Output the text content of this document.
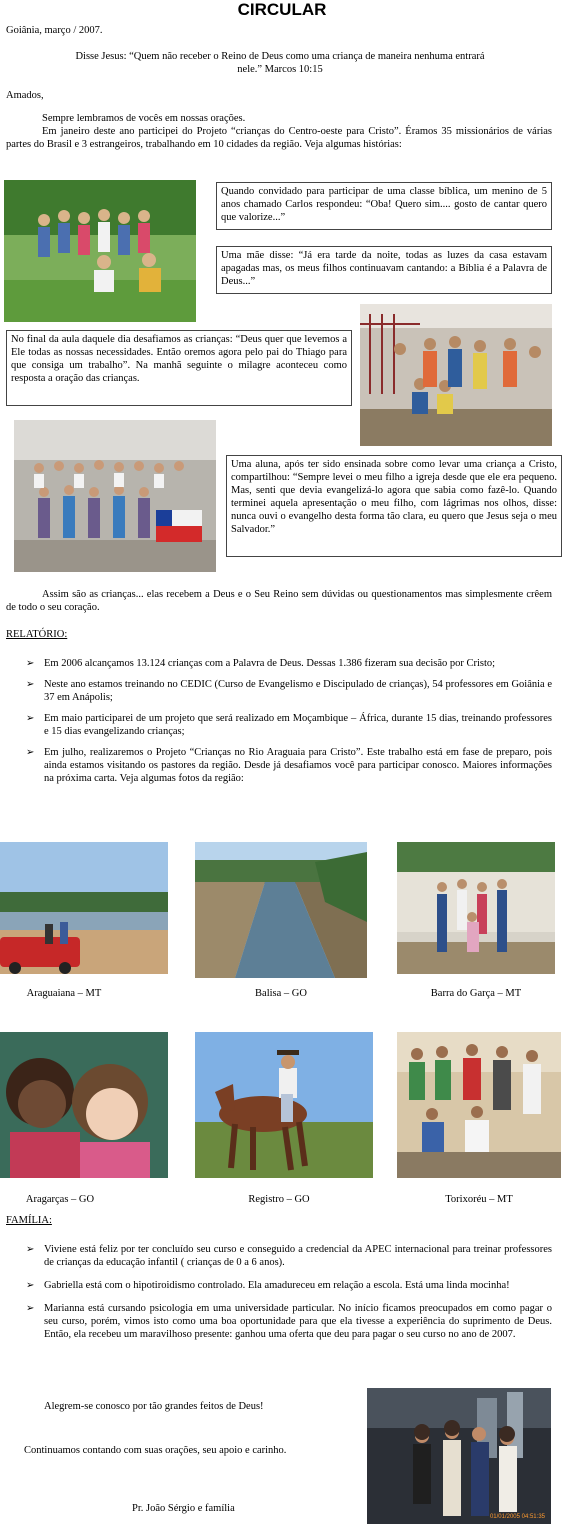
CIRCULAR
Goiânia, março / 2007.
Disse Jesus: “Quem não receber o Reino de Deus como uma criança de maneira nenhuma entrará nele.” Marcos 10:15
Amados,
Sempre lembramos de vocês em nossas orações.
Em janeiro deste ano participei do Projeto “crianças do Centro-oeste para Cristo”. Éramos 35 missionários de várias partes do Brasil e 3 estrangeiros, trabalhando em 10 cidades da região. Veja algumas histórias:
Quando convidado para participar de uma classe bíblica, um menino de 5 anos chamado Carlos respondeu: “Oba! Quero sim.... gosto de cantar quero que valorize...”
Uma mãe disse: “Já era tarde da noite, todas as luzes da casa estavam apagadas mas, os meus filhos continuavam cantando: a Bíblia é a Palavra de Deus...”
No final da aula daquele dia desafiamos as crianças: “Deus quer que levemos a Ele todas as nossas necessidades. Então oremos agora pelo pai do Thiago para que consiga um trabalho”. Na manhã seguinte o milagre aconteceu como resposta a oração das crianças.
Uma aluna, após ter sido ensinada sobre como levar uma criança a Cristo, compartilhou: “Sempre levei o meu filho a igreja desde que ele era pequeno. Mas, senti que devia evangelizá-lo agora que sabia como fazê-lo. Quando terminei aquela apresentação o meu filho, com lágrimas nos olhos, disse: nunca ouvi o evangelho desta forma tão clara, eu quero que Jesus seja o meu Salvador.”
Assim são as crianças... elas recebem a Deus e o Seu Reino sem dúvidas ou questionamentos mas simplesmente crêem de todo o seu coração.
RELATÓRIO:
➢ Em 2006 alcançamos 13.124 crianças com a Palavra de Deus. Dessas 1.386 fizeram sua decisão por Cristo;
➢ Neste ano estamos treinando no CEDIC (Curso de Evangelismo e Discipulado de crianças), 54 professores em Goiânia e 37 em Anápolis;
➢ Em maio participarei de um projeto que será realizado em Moçambique – África, durante 15 dias, treinando professores e 15 dias evangelizando crianças;
➢ Em julho, realizaremos o Projeto “Crianças no Rio Araguaia para Cristo”. Este trabalho está em fase de preparo, pois ainda estamos visitando os pastores da região. Desde já desafiamos você para participar conosco. Maiores informações na próxima carta. Veja algumas fotos da região:
Araguaiana – MT	Balisa – GO	Barra do Garça – MT
Aragarças – GO	Registro – GO	Torixoréu – MT
FAMÍLIA:
➢ Viviene está feliz por ter concluído seu curso e conseguido a credencial da APEC internacional para treinar professores de crianças da educação infantil ( crianças de 0 a 6 anos).
➢ Gabriella está com o hipotiroidismo controlado. Ela amadureceu em relação a escola. Está uma linda mocinha!
➢ Marianna está cursando psicologia em uma universidade particular. No início ficamos preocupados em como pagar o seu curso, porém, vimos isto como uma boa oportunidade para que ela tivesse a experiência do suprimento de Deus. Então, ela recebeu um maravilhoso presente: ganhou uma oferta que deu para pagar o seu curso no ano de 2007.
Alegrem-se conosco por tão grandes feitos de Deus!
Continuamos contando com suas orações, seu apoio e carinho.
Pr. João Sérgio e família
01/01/2005 04:51:35
